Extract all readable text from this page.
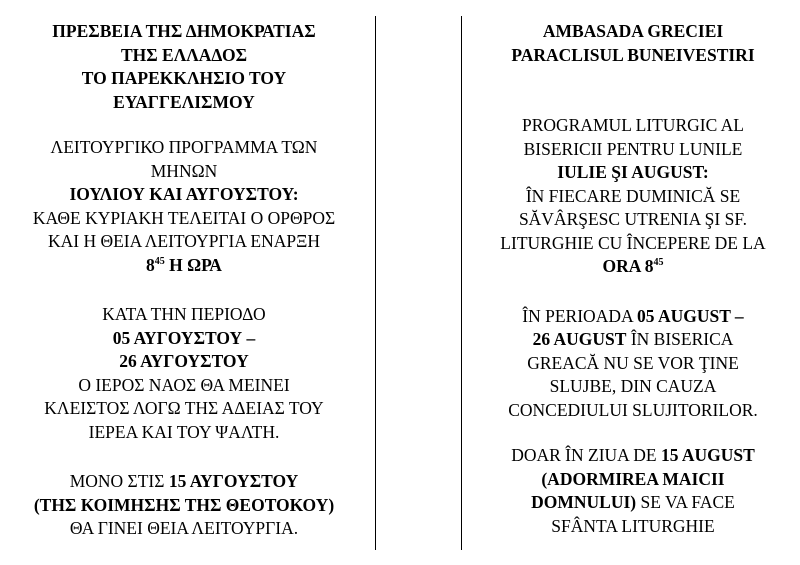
ΠΡΕΣΒΕΙΑ ΤΗΣ ΔΗΜΟΚΡΑΤΙΑΣ

ΤΗΣ ΕΛΛΑΔΟΣ

ΤΟ ΠΑΡΕΚΚΛΗΣΙΟ ΤΟΥ

ΕΥΑΓΓΕΛΙΣΜΟΥ

ΛΕΙΤΟΥΡΓΙΚΟ ΠΡΟΓΡΑΜΜΑ ΤΩΝ

ΜΗΝΩΝ

ΙΟΥΛΙΟΥ ΚΑΙ ΑΥΓΟΥΣΤΟΥ:

ΚΑΘΕ ΚΥΡΙΑΚΗ ΤΕΛΕΙΤΑΙ Ο ΟΡΘΡΟΣ

ΚΑΙ Η ΘΕΙΑ ΛΕΙΤΟΥΡΓΙΑ ΕΝΑΡΞΗ

$8^{45}$ Η ΩΡΑ

ΚΑΤΑ ΤΗΝ ΠΕΡΙΟΔΟ

05 ΑΥΓΟΥΣΤΟΥ –

26 ΑΥΓΟΥΣΤΟΥ

Ο ΙΕΡΟΣ ΝΑΟΣ ΘΑ ΜΕΙΝΕΙ

ΚΛΕΙΣΤΟΣ ΛΟΓΩ ΤΗΣ ΑΔΕΙΑΣ ΤΟΥ

ΙΕΡΕΑ ΚΑΙ ΤΟΥ ΨΑΛΤΗ.

ΜΟΝΟ ΣΤΙΣ 15 ΑΥΓΟΥΣΤΟΥ

(ΤΗΣ ΚΟΙΜΗΣΗΣ ΤΗΣ ΘΕΟΤΟΚΟΥ)

ΘΑ ΓΙΝΕΙ ΘΕΙΑ ΛΕΙΤΟΥΡΓΙΑ.

AMBASADA GRECIEI

PARACLISUL BUNEIVESTIRI

PROGRAMUL LITURGIC AL

BISERICII PENTRU LUNILE

IULIE ŞI AUGUST:

ÎN FIECARE DUMINICĂ SE

SĂVÂRŞESC UTRENIA ŞI SF.

LITURGHIE CU ÎNCEPERE DE LA

ORA $8^{45}$

ÎN PERIOADA 05 AUGUST –

26 AUGUST ÎN BISERICA

GREACĂ NU SE VOR ŢINE

SLUJBE, DIN CAUZA

CONCEDIULUI SLUJITORILOR.

DOAR ÎN ZIUA DE 15 AUGUST

(ADORMIREA MAICII

DOMNULUI) SE VA FACE

SFÂNTA LITURGHIE
